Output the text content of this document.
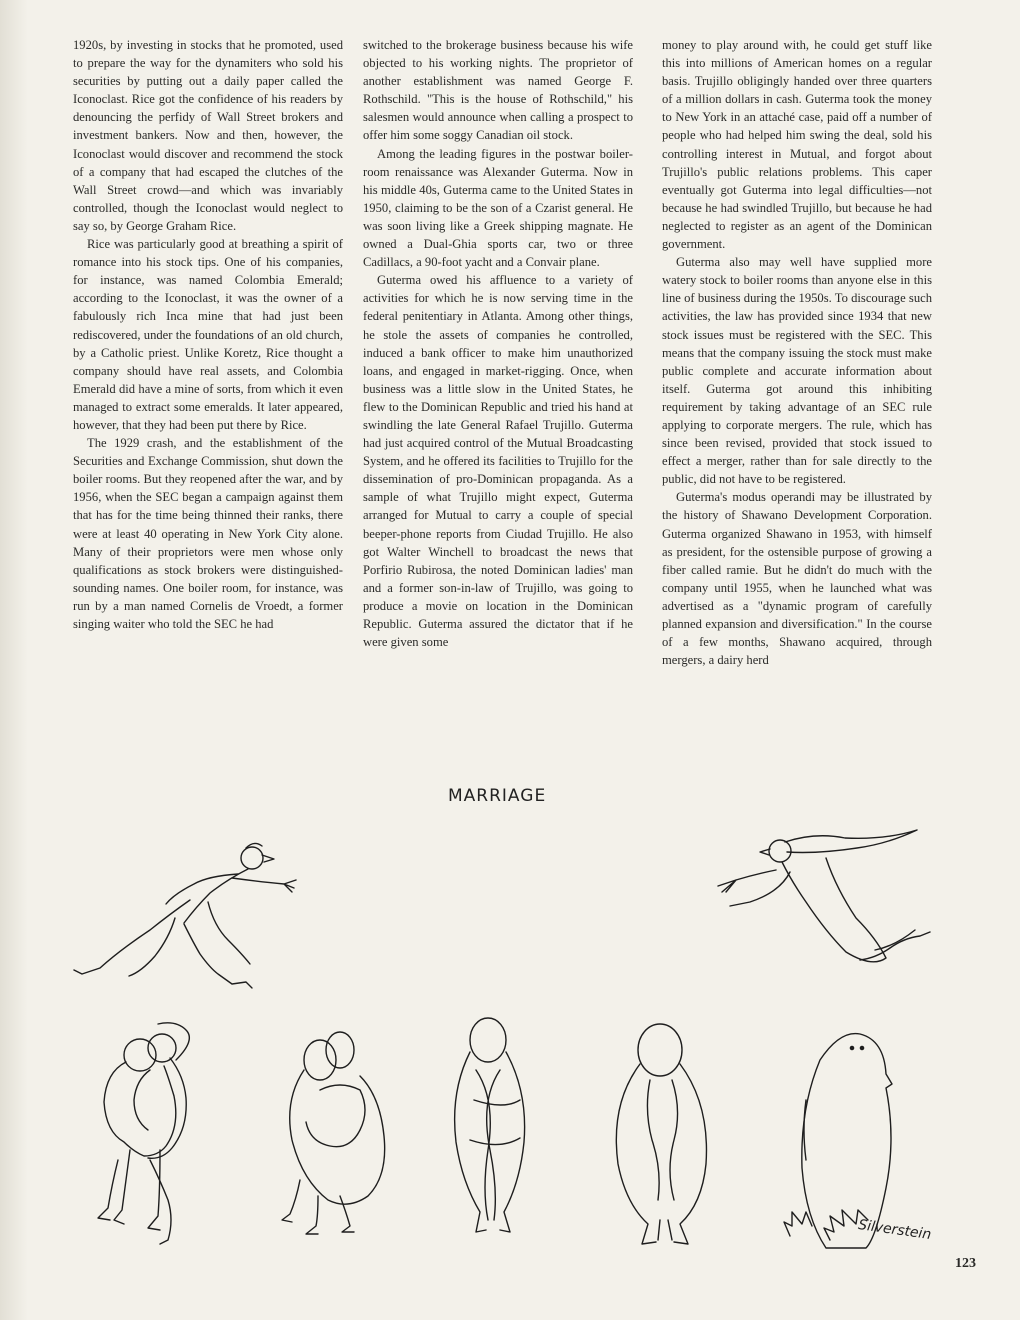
1920s, by investing in stocks that he promoted, used to prepare the way for the dynamiters who sold his securities by putting out a daily paper called the Iconoclast. Rice got the confidence of his readers by denouncing the perfidy of Wall Street brokers and investment bankers. Now and then, however, the Iconoclast would discover and recommend the stock of a company that had escaped the clutches of the Wall Street crowd—and which was invariably controlled, though the Iconoclast would neglect to say so, by George Graham Rice.

Rice was particularly good at breathing a spirit of romance into his stock tips. One of his companies, for instance, was named Colombia Emerald; according to the Iconoclast, it was the owner of a fabulously rich Inca mine that had just been rediscovered, under the foundations of an old church, by a Catholic priest. Unlike Koretz, Rice thought a company should have real assets, and Colombia Emerald did have a mine of sorts, from which it even managed to extract some emeralds. It later appeared, however, that they had been put there by Rice.

The 1929 crash, and the establishment of the Securities and Exchange Commission, shut down the boiler rooms. But they reopened after the war, and by 1956, when the SEC began a campaign against them that has for the time being thinned their ranks, there were at least 40 operating in New York City alone. Many of their proprietors were men whose only qualifications as stock brokers were distinguished-sounding names. One boiler room, for instance, was run by a man named Cornelis de Vroedt, a former singing waiter who told the SEC he had

switched to the brokerage business because his wife objected to his working nights. The proprietor of another establishment was named George F. Rothschild. "This is the house of Rothschild," his salesmen would announce when calling a prospect to offer him some soggy Canadian oil stock.

Among the leading figures in the postwar boiler-room renaissance was Alexander Guterma. Now in his middle 40s, Guterma came to the United States in 1950, claiming to be the son of a Czarist general. He was soon living like a Greek shipping magnate. He owned a Dual-Ghia sports car, two or three Cadillacs, a 90-foot yacht and a Convair plane.

Guterma owed his affluence to a variety of activities for which he is now serving time in the federal penitentiary in Atlanta. Among other things, he stole the assets of companies he controlled, induced a bank officer to make him unauthorized loans, and engaged in market-rigging. Once, when business was a little slow in the United States, he flew to the Dominican Republic and tried his hand at swindling the late General Rafael Trujillo. Guterma had just acquired control of the Mutual Broadcasting System, and he offered its facilities to Trujillo for the dissemination of pro-Dominican propaganda. As a sample of what Trujillo might expect, Guterma arranged for Mutual to carry a couple of special beeper-phone reports from Ciudad Trujillo. He also got Walter Winchell to broadcast the news that Porfirio Rubirosa, the noted Dominican ladies' man and a former son-in-law of Trujillo, was going to produce a movie on location in the Dominican Republic. Guterma assured the dictator that if he were given some

money to play around with, he could get stuff like this into millions of American homes on a regular basis. Trujillo obligingly handed over three quarters of a million dollars in cash. Guterma took the money to New York in an attaché case, paid off a number of people who had helped him swing the deal, sold his controlling interest in Mutual, and forgot about Trujillo's public relations problems. This caper eventually got Guterma into legal difficulties—not because he had swindled Trujillo, but because he had neglected to register as an agent of the Dominican government.

Guterma also may well have supplied more watery stock to boiler rooms than anyone else in this line of business during the 1950s. To discourage such activities, the law has provided since 1934 that new stock issues must be registered with the SEC. This means that the company issuing the stock must make public complete and accurate information about itself. Guterma got around this inhibiting requirement by taking advantage of an SEC rule applying to corporate mergers. The rule, which has since been revised, provided that stock issued to effect a merger, rather than for sale directly to the public, did not have to be registered.

Guterma's modus operandi may be illustrated by the history of Shawano Development Corporation. Guterma organized Shawano in 1953, with himself as president, for the ostensible purpose of growing a fiber called ramie. But he didn't do much with the company until 1955, when he launched what was advertised as a "dynamic program of carefully planned expansion and diversification." In the course of a few months, Shawano acquired, through mergers, a dairy herd

MARRIAGE
Silverstein
123
